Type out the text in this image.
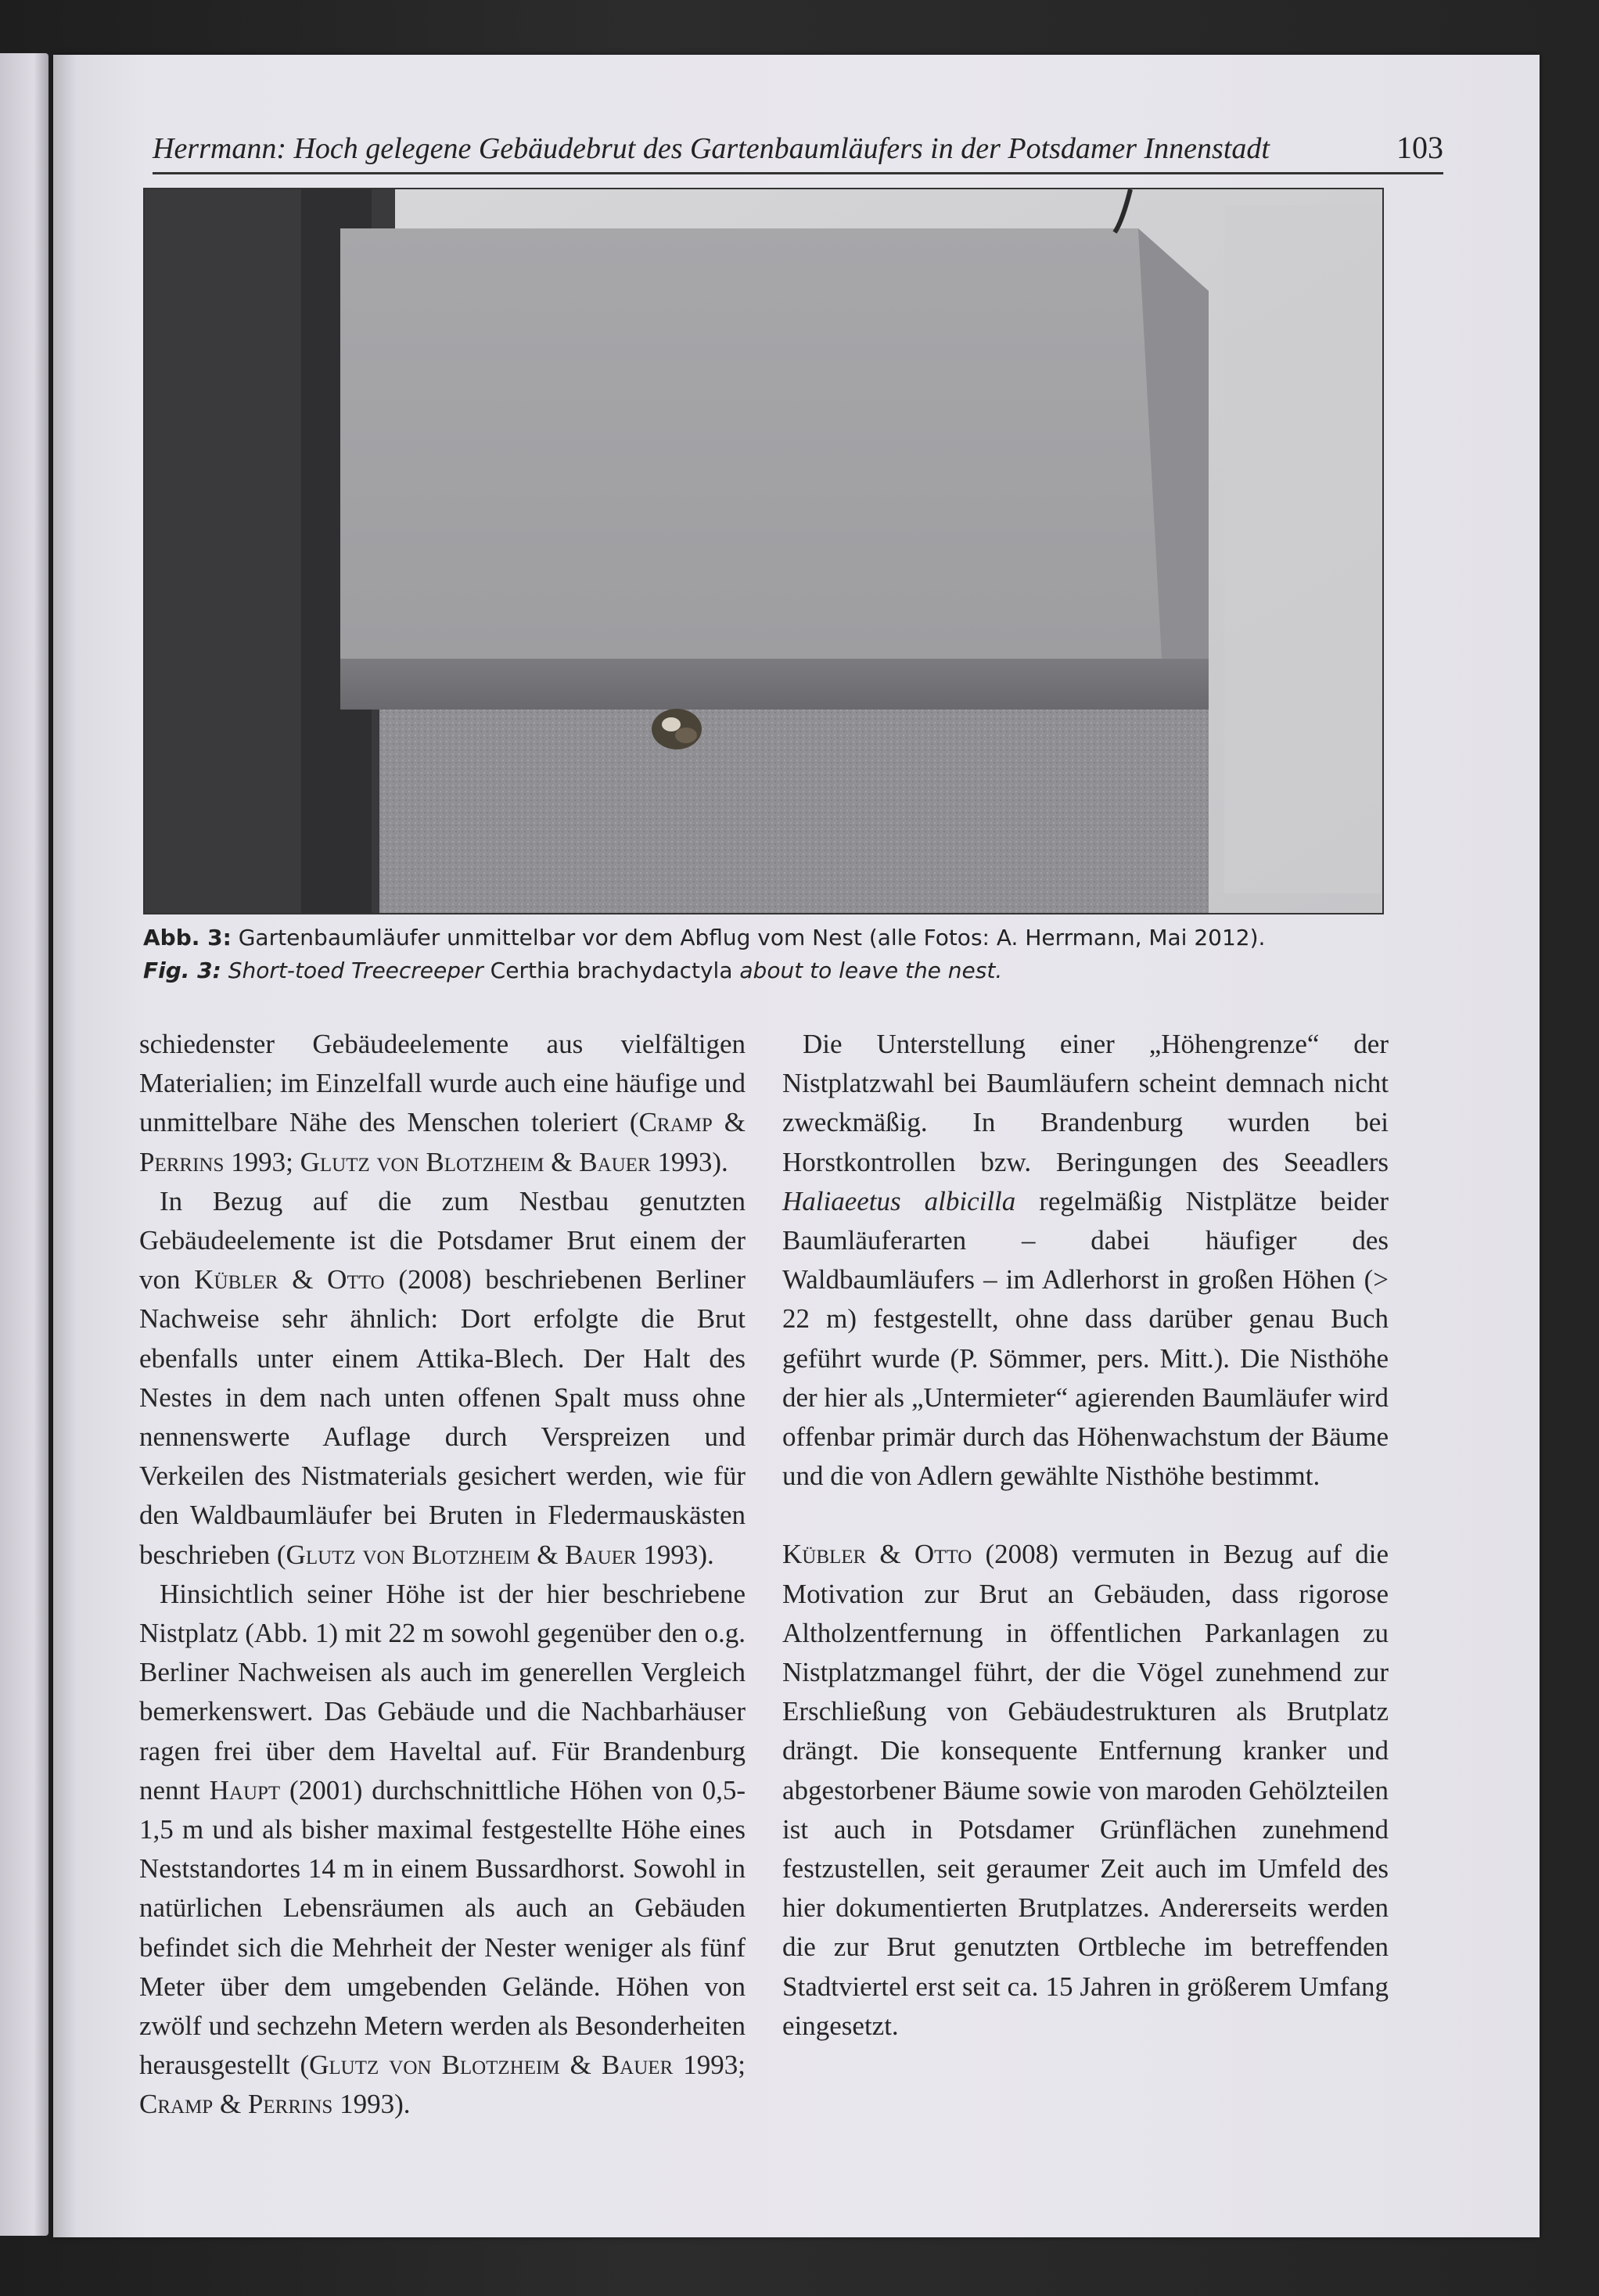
Herrmann: Hoch gelegene Gebäudebrut des Gartenbaumläufers in der Potsdamer Innenstadt	103
Abb. 3: Gartenbaumläufer unmittelbar vor dem Abflug vom Nest (alle Fotos: A. Herrmann, Mai 2012).
Fig. 3: Short-toed Treecreeper Certhia brachydactyla about to leave the nest.

schiedenster Gebäudeelemente aus vielfältigen Materialien; im Einzelfall wurde auch eine häufige und unmittelbare Nähe des Menschen toleriert (Cramp & Perrins 1993; Glutz von Blotzheim & Bauer 1993).

In Bezug auf die zum Nestbau genutzten Gebäudeelemente ist die Potsdamer Brut einem der von Kübler & Otto (2008) beschriebenen Berliner Nachweise sehr ähnlich: Dort erfolgte die Brut ebenfalls unter einem Attika-Blech. Der Halt des Nestes in dem nach unten offenen Spalt muss ohne nennenswerte Auflage durch Verspreizen und Verkeilen des Nistmaterials gesichert werden, wie für den Waldbaumläufer bei Bruten in Fledermauskästen beschrieben (Glutz von Blotzheim & Bauer 1993).

Hinsichtlich seiner Höhe ist der hier beschriebene Nistplatz (Abb. 1) mit 22 m sowohl gegenüber den o.g. Berliner Nachweisen als auch im generellen Vergleich bemerkenswert. Das Gebäude und die Nachbarhäuser ragen frei über dem Haveltal auf. Für Brandenburg nennt Haupt (2001) durchschnittliche Höhen von 0,5-1,5 m und als bisher maximal festgestellte Höhe eines Neststandortes 14 m in einem Bussardhorst. Sowohl in natürlichen Lebensräumen als auch an Gebäuden befindet sich die Mehrheit der Nester weniger als fünf Meter über dem umgebenden Gelände. Höhen von zwölf und sechzehn Metern werden als Besonderheiten herausgestellt (Glutz von Blotzheim & Bauer 1993; Cramp & Perrins 1993).

Die Unterstellung einer „Höhengrenze“ der Nistplatzwahl bei Baumläufern scheint demnach nicht zweckmäßig. In Brandenburg wurden bei Horstkontrollen bzw. Beringungen des Seeadlers Haliaeetus albicilla regelmäßig Nistplätze beider Baumläuferarten – dabei häufiger des Waldbaumläufers – im Adlerhorst in großen Höhen (> 22 m) festgestellt, ohne dass darüber genau Buch geführt wurde (P. Sömmer, pers. Mitt.). Die Nisthöhe der hier als „Untermieter“ agierenden Baumläufer wird offenbar primär durch das Höhenwachstum der Bäume und die von Adlern gewählte Nisthöhe bestimmt.

Kübler & Otto (2008) vermuten in Bezug auf die Motivation zur Brut an Gebäuden, dass rigorose Altholzentfernung in öffentlichen Parkanlagen zu Nistplatzmangel führt, der die Vögel zunehmend zur Erschließung von Gebäudestrukturen als Brutplatz drängt. Die konsequente Entfernung kranker und abgestorbener Bäume sowie von maroden Gehölzteilen ist auch in Potsdamer Grünflächen zunehmend festzustellen, seit geraumer Zeit auch im Umfeld des hier dokumentierten Brutplatzes. Andererseits werden die zur Brut genutzten Ortbleche im betreffenden Stadtviertel erst seit ca. 15 Jahren in größerem Umfang eingesetzt.
